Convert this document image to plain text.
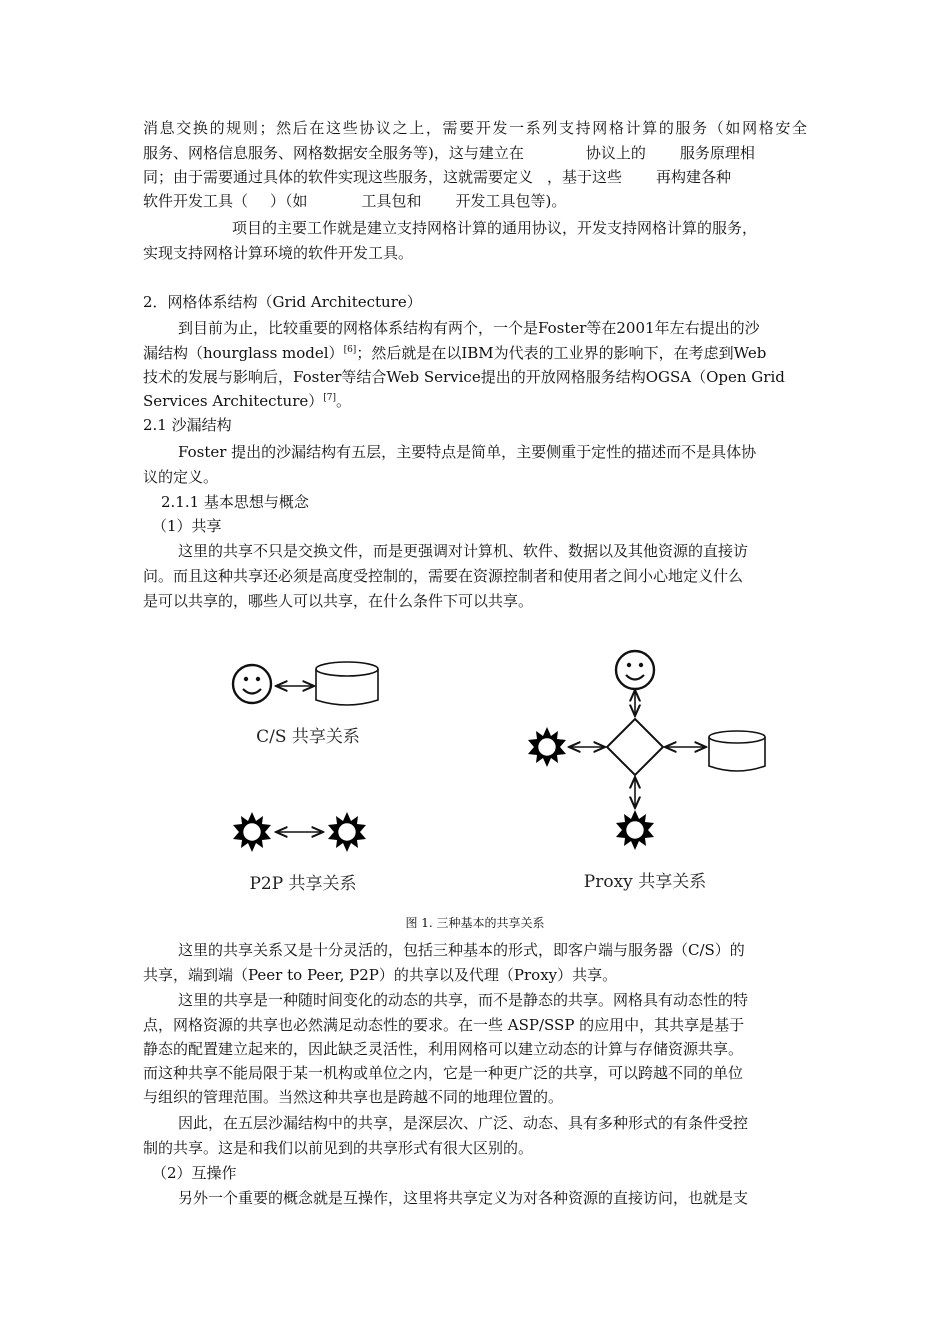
消息交换的规则；然后在这些协议之上，需要开发一系列支持网格计算的服务（如网格安全
服务、网格信息服务、网格数据安全服务等)，这与建立在	协议上的 服务原理相
同；由于需要通过具体的软件实现这些服务，这就需要定义 ，基于这些 再构建各种
软件开发工具（ ）（如	工具包和 开发工具包等)。
项目的主要工作就是建立支持网格计算的通用协议，开发支持网格计算的服务，
实现支持网格计算环境的软件开发工具。
2．网格体系结构（Grid Architecture）
到目前为止，比较重要的网格体系结构有两个，一个是Foster等在2001年左右提出的沙
漏结构（hourglass model）[6]；然后就是在以IBM为代表的工业界的影响下，在考虑到Web
技术的发展与影响后，Foster等结合Web Service提出的开放网格服务结构OGSA（Open Grid
Services Architecture）[7]。
2.1 沙漏结构
Foster 提出的沙漏结构有五层，主要特点是简单，主要侧重于定性的描述而不是具体协
议的定义。
2.1.1 基本思想与概念
（1）共享
这里的共享不只是交换文件，而是更强调对计算机、软件、数据以及其他资源的直接访
问。而且这种共享还必须是高度受控制的，需要在资源控制者和使用者之间小心地定义什么
是可以共享的，哪些人可以共享，在什么条件下可以共享。
C/S 共享关系
P2P 共享关系	Proxy 共享关系
图 1. 三种基本的共享关系
这里的共享关系又是十分灵活的，包括三种基本的形式，即客户端与服务器（C/S）的
共享，端到端（Peer to Peer, P2P）的共享以及代理（Proxy）共享。
这里的共享是一种随时间变化的动态的共享，而不是静态的共享。网格具有动态性的特
点，网格资源的共享也必然满足动态性的要求。在一些 ASP/SSP 的应用中，其共享是基于
静态的配置建立起来的，因此缺乏灵活性，利用网格可以建立动态的计算与存储资源共享。
而这种共享不能局限于某一机构或单位之内，它是一种更广泛的共享，可以跨越不同的单位
与组织的管理范围。当然这种共享也是跨越不同的地理位置的。
因此，在五层沙漏结构中的共享，是深层次、广泛、动态、具有多种形式的有条件受控
制的共享。这是和我们以前见到的共享形式有很大区别的。
（2）互操作
另外一个重要的概念就是互操作，这里将共享定义为对各种资源的直接访问，也就是支
